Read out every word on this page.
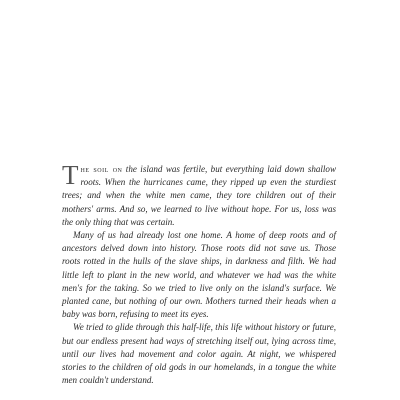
The soil on the island was fertile, but everything laid down shallow roots. When the hurricanes came, they ripped up even the sturdiest trees; and when the white men came, they tore children out of their mothers' arms. And so, we learned to live without hope. For us, loss was the only thing that was certain.

Many of us had already lost one home. A home of deep roots and of ancestors delved down into history. Those roots did not save us. Those roots rotted in the hulls of the slave ships, in darkness and filth. We had little left to plant in the new world, and whatever we had was the white men's for the taking. So we tried to live only on the island's surface. We planted cane, but nothing of our own. Mothers turned their heads when a baby was born, refusing to meet its eyes.

We tried to glide through this half-life, this life without history or future, but our endless present had ways of stretching itself out, lying across time, until our lives had movement and color again. At night, we whispered stories to the children of old gods in our homelands, in a tongue the white men couldn't understand.
